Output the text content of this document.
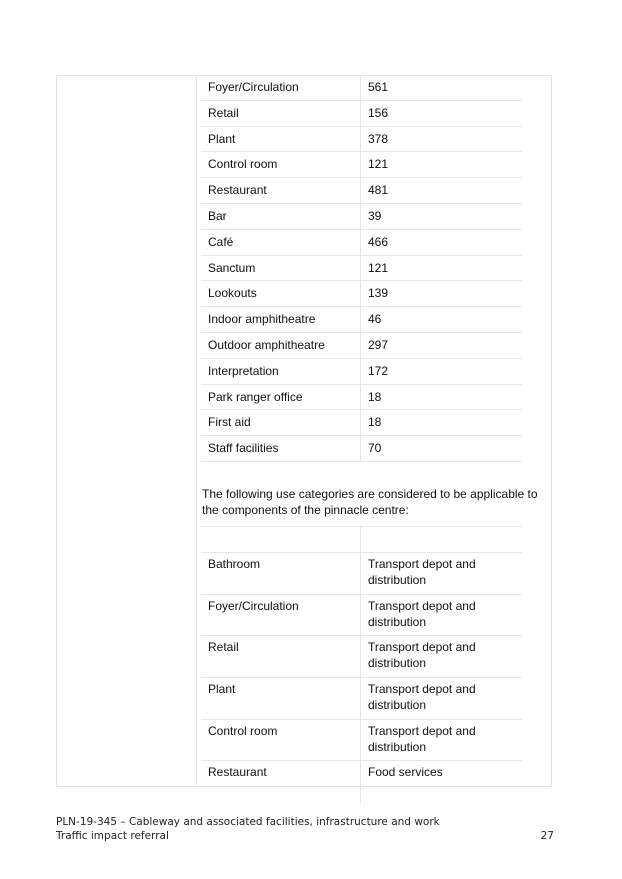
Foyer/Circulation	561
Retail	156
Plant	378
Control room	121
Restaurant	481
Bar	39
Café	466
Sanctum	121
Lookouts	139
Indoor amphitheatre	46
Outdoor amphitheatre	297
Interpretation	172
Park ranger office	18
First aid	18
Staff facilities	70
The following use categories are considered to be applicable to the components of the pinnacle centre:
Bathroom	Transport depot and distribution
Foyer/Circulation	Transport depot and distribution
Retail	Transport depot and distribution
Plant	Transport depot and distribution
Control room	Transport depot and distribution
Restaurant	Food services
PLN-19-345 – Cableway and associated facilities, infrastructure and work
Traffic impact referral	27
